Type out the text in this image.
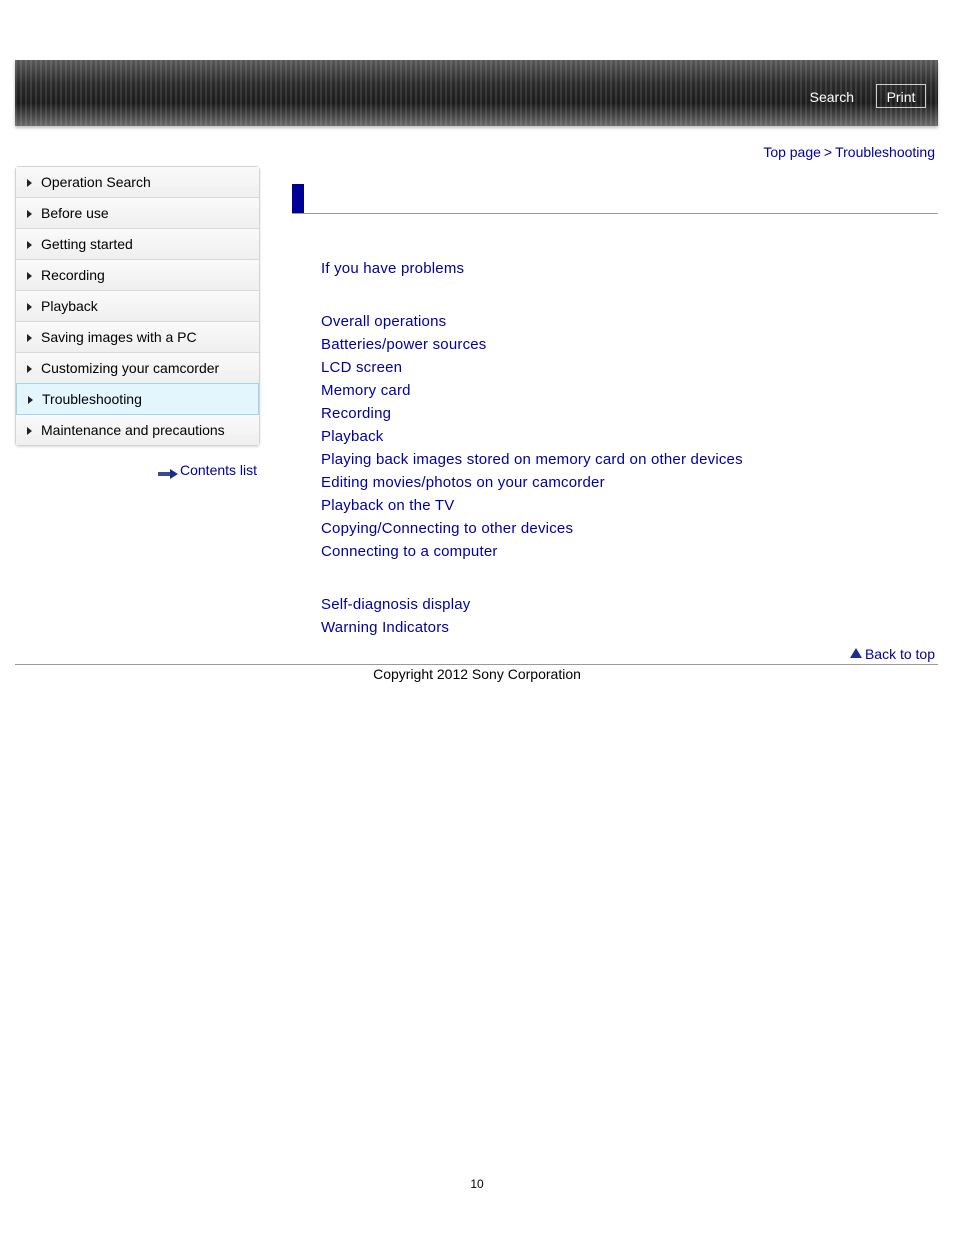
Search	Print
Top page > Troubleshooting
Operation Search
Before use
Getting started
Recording
Playback
Saving images with a PC
Customizing your camcorder
Troubleshooting
Maintenance and precautions
Contents list
If you have problems
Overall operations
Batteries/power sources
LCD screen
Memory card
Recording
Playback
Playing back images stored on memory card on other devices
Editing movies/photos on your camcorder
Playback on the TV
Copying/Connecting to other devices
Connecting to a computer
Self-diagnosis display
Warning Indicators
Back to top
Copyright 2012 Sony Corporation
10
